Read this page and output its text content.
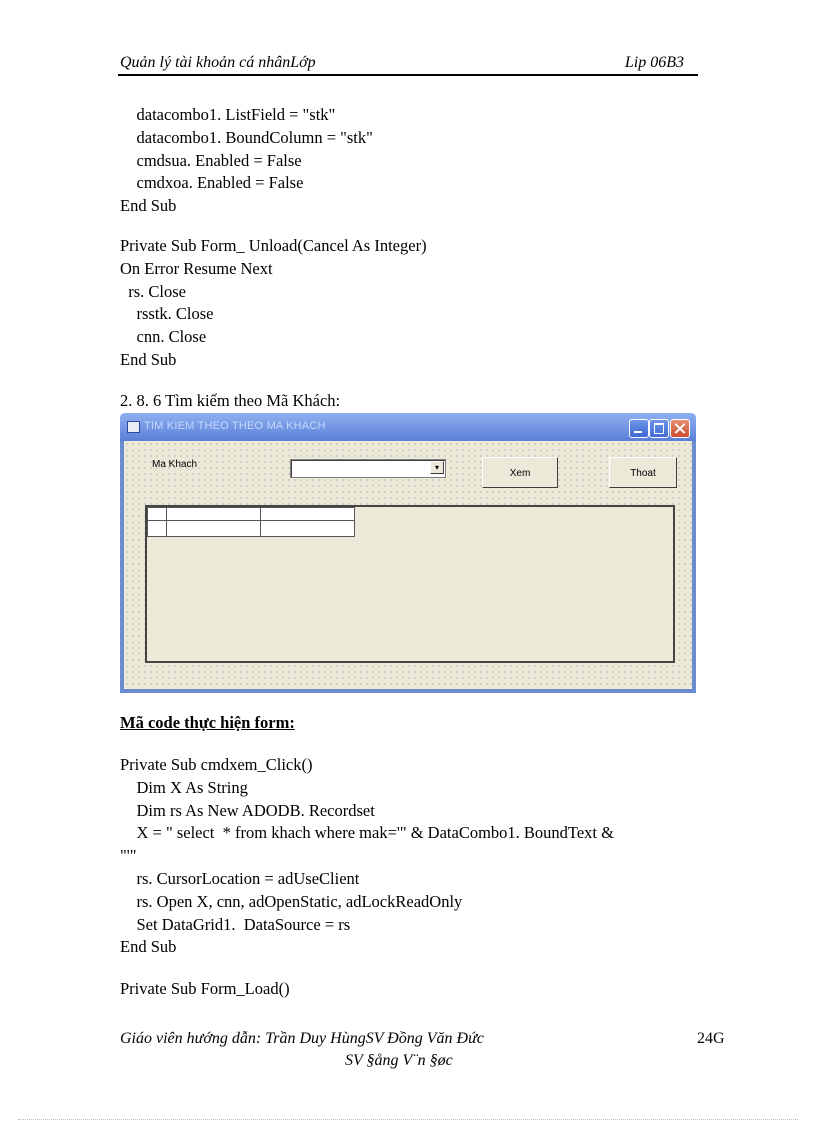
Quản lý tài khoản cá nhânLớp	Lip 06B3
datacombo1. ListField = "stk"
datacombo1. BoundColumn = "stk"
cmdsua. Enabled = False
cmdxoa. Enabled = False
End Sub
Private Sub Form_ Unload(Cancel As Integer)
On Error Resume Next
rs. Close
rsstk. Close
cnn. Close
End Sub
2. 8. 6 Tìm kiếm theo Mã Khách:
TIM KIEM THEO THEO MA KHACH
Ma Khach	▾
Xem	Thoat
Mã code thực hiện form:
Private Sub cmdxem_Click()
Dim X As String
Dim rs As New ADODB. Recordset
X = " select  * from khach where mak='" & DataCombo1. BoundText &
"'"
rs. CursorLocation = adUseClient
rs. Open X, cnn, adOpenStatic, adLockReadOnly
Set DataGrid1.  DataSource = rs
End Sub
Private Sub Form_Load()
Giáo viên hướng dẫn: Trần Duy HùngSV Đồng Văn Đức
SV §ång V¨n §øc
24G
